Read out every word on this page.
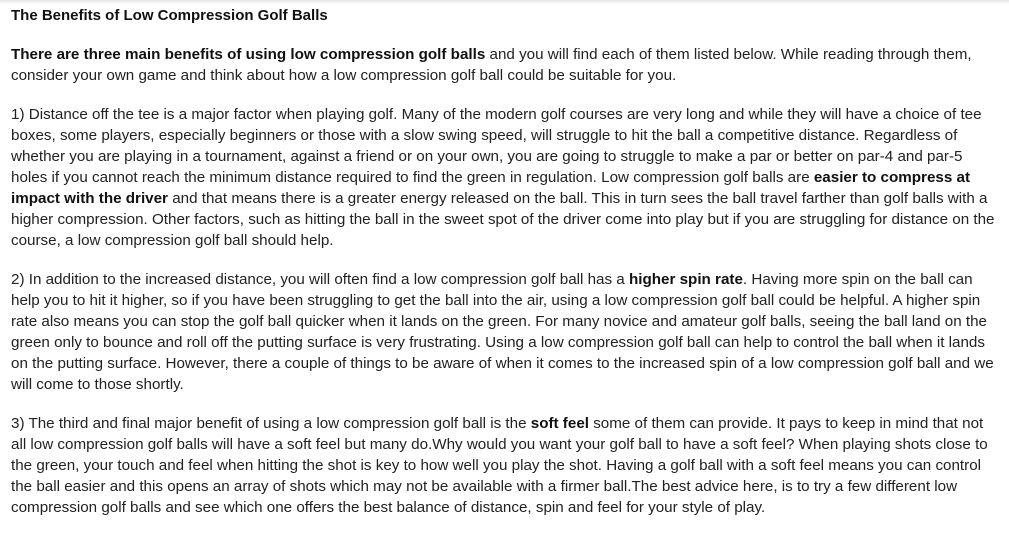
The Benefits of Low Compression Golf Balls

There are three main benefits of using low compression golf balls and you will find each of them listed below. While reading through them, consider your own game and think about how a low compression golf ball could be suitable for you.

1) Distance off the tee is a major factor when playing golf. Many of the modern golf courses are very long and while they will have a choice of tee boxes, some players, especially beginners or those with a slow swing speed, will struggle to hit the ball a competitive distance. Regardless of whether you are playing in a tournament, against a friend or on your own, you are going to struggle to make a par or better on par-4 and par-5 holes if you cannot reach the minimum distance required to find the green in regulation. Low compression golf balls are easier to compress at impact with the driver and that means there is a greater energy released on the ball. This in turn sees the ball travel farther than golf balls with a higher compression. Other factors, such as hitting the ball in the sweet spot of the driver come into play but if you are struggling for distance on the course, a low compression golf ball should help.

2) In addition to the increased distance, you will often find a low compression golf ball has a higher spin rate. Having more spin on the ball can help you to hit it higher, so if you have been struggling to get the ball into the air, using a low compression golf ball could be helpful. A higher spin rate also means you can stop the golf ball quicker when it lands on the green. For many novice and amateur golf balls, seeing the ball land on the green only to bounce and roll off the putting surface is very frustrating. Using a low compression golf ball can help to control the ball when it lands on the putting surface. However, there a couple of things to be aware of when it comes to the increased spin of a low compression golf ball and we will come to those shortly.

3) The third and final major benefit of using a low compression golf ball is the soft feel some of them can provide. It pays to keep in mind that not all low compression golf balls will have a soft feel but many do.Why would you want your golf ball to have a soft feel? When playing shots close to the green, your touch and feel when hitting the shot is key to how well you play the shot. Having a golf ball with a soft feel means you can control the ball easier and this opens an array of shots which may not be available with a firmer ball.The best advice here, is to try a few different low compression golf balls and see which one offers the best balance of distance, spin and feel for your style of play.
